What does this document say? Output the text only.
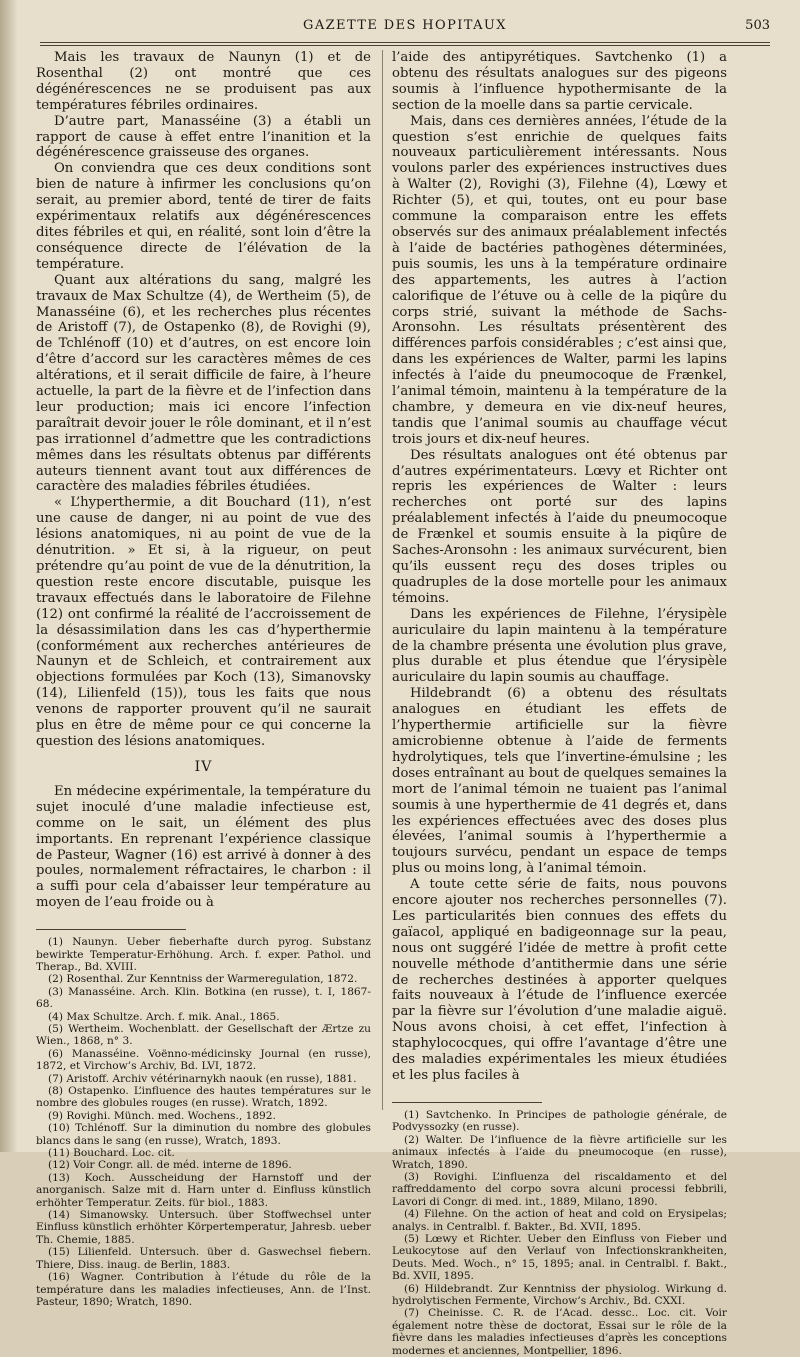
GAZETTE DES HOPITAUX	503

Mais les travaux de Naunyn (1) et de Rosenthal (2) ont montré que ces dégénérescences ne se produisent pas aux températures fébriles ordinaires.

D’autre part, Manasséine (3) a établi un rapport de cause à effet entre l’inanition et la dégénérescence graisseuse des organes.

On conviendra que ces deux conditions sont bien de nature à infirmer les conclusions qu’on serait, au premier abord, tenté de tirer de faits expérimentaux relatifs aux dégénérescences dites fébriles et qui, en réalité, sont loin d’être la conséquence directe de l’élévation de la température.

Quant aux altérations du sang, malgré les travaux de Max Schultze (4), de Wertheim (5), de Manasséine (6), et les recherches plus récentes de Aristoff (7), de Ostapenko (8), de Rovighi (9), de Tchlénoff (10) et d’autres, on est encore loin d’être d’accord sur les caractères mêmes de ces altérations, et il serait difficile de faire, à l’heure actuelle, la part de la fièvre et de l’infection dans leur production; mais ici encore l’infection paraîtrait devoir jouer le rôle dominant, et il n’est pas irrationnel d’admettre que les contradictions mêmes dans les résultats obtenus par différents auteurs tiennent avant tout aux différences de caractère des maladies fébriles étudiées.

« L’hyperthermie, a dit Bouchard (11), n’est une cause de danger, ni au point de vue des lésions anatomiques, ni au point de vue de la dénutrition. » Et si, à la rigueur, on peut prétendre qu’au point de vue de la dénutrition, la question reste encore discutable, puisque les travaux effectués dans le laboratoire de Filehne (12) ont confirmé la réalité de l’accroissement de la désassimilation dans les cas d’hyperthermie (conformément aux recherches antérieures de Naunyn et de Schleich, et contrairement aux objections formulées par Koch (13), Simanovsky (14), Lilienfeld (15)), tous les faits que nous venons de rapporter prouvent qu’il ne saurait plus en être de même pour ce qui concerne la question des lésions anatomiques.

IV

En médecine expérimentale, la température du sujet inoculé d’une maladie infectieuse est, comme on le sait, un élément des plus importants. En reprenant l’expérience classique de Pasteur, Wagner (16) est arrivé à donner à des poules, normalement réfractaires, le charbon : il a suffi pour cela d’abaisser leur température au moyen de l’eau froide ou à

(1) Naunyn. Ueber fieberhafte durch pyrog. Substanz bewirkte Temperatur-Erhöhung. Arch. f. exper. Pathol. und Therap., Bd. XVIII.

(2) Rosenthal. Zur Kenntniss der Warmeregulation, 1872.

(3) Manasséine. Arch. Klin. Botkina (en russe), t. I, 1867-68.

(4) Max Schultze. Arch. f. mik. Anal., 1865.

(5) Wertheim. Wochenblatt. der Gesellschaft der Ærtze zu Wien., 1868, n° 3.

(6) Manasséine. Voënno-médicinsky Journal (en russe), 1872, et Virchow’s Archiv, Bd. LVI, 1872.

(7) Aristoff. Archiv vétérinarnykh naouk (en russe), 1881.

(8) Ostapenko. L’influence des hautes températures sur le nombre des globules rouges (en russe). Wratch, 1892.

(9) Rovighi. Münch. med. Wochens., 1892.

(10) Tchlénoff. Sur la diminution du nombre des globules blancs dans le sang (en russe), Wratch, 1893.

(11) Bouchard. Loc. cit.

(12) Voir Congr. all. de méd. interne de 1896.

(13) Koch. Ausscheidung der Harnstoff und der anorganisch. Salze mit d. Harn unter d. Einfluss künstlich erhöhter Temperatur. Zeits. für biol., 1883.

(14) Simanowsky. Untersuch. über Stoffwechsel unter Einfluss künstlich erhöhter Körpertemperatur, Jahresb. ueber Th. Chemie, 1885.

(15) Lilienfeld. Untersuch. über d. Gaswechsel fiebern. Thiere, Diss. inaug. de Berlin, 1883.

(16) Wagner. Contribution à l’étude du rôle de la température dans les maladies infectieuses, Ann. de l’Inst. Pasteur, 1890; Wratch, 1890.

l’aide des antipyrétiques. Savtchenko (1) a obtenu des résultats analogues sur des pigeons soumis à l’influence hypothermisante de la section de la moelle dans sa partie cervicale.

Mais, dans ces dernières années, l’étude de la question s’est enrichie de quelques faits nouveaux particulièrement intéressants. Nous voulons parler des expériences instructives dues à Walter (2), Rovighi (3), Filehne (4), Lœwy et Richter (5), et qui, toutes, ont eu pour base commune la comparaison entre les effets observés sur des animaux préalablement infectés à l’aide de bactéries pathogènes déterminées, puis soumis, les uns à la température ordinaire des appartements, les autres à l’action calorifique de l’étuve ou à celle de la piqûre du corps strié, suivant la méthode de Sachs-Aronsohn. Les résultats présentèrent des différences parfois considérables ; c’est ainsi que, dans les expériences de Walter, parmi les lapins infectés à l’aide du pneumocoque de Frænkel, l’animal témoin, maintenu à la température de la chambre, y demeura en vie dix-neuf heures, tandis que l’animal soumis au chauffage vécut trois jours et dix-neuf heures.

Des résultats analogues ont été obtenus par d’autres expérimentateurs. Lœvy et Richter ont repris les expériences de Walter : leurs recherches ont porté sur des lapins préalablement infectés à l’aide du pneumocoque de Frænkel et soumis ensuite à la piqûre de Saches-Aronsohn : les animaux survécurent, bien qu’ils eussent reçu des doses triples ou quadruples de la dose mortelle pour les animaux témoins.

Dans les expériences de Filehne, l’érysipèle auriculaire du lapin maintenu à la température de la chambre présenta une évolution plus grave, plus durable et plus étendue que l’érysipèle auriculaire du lapin soumis au chauffage.

Hildebrandt (6) a obtenu des résultats analogues en étudiant les effets de l’hyperthermie artificielle sur la fièvre amicrobienne obtenue à l’aide de ferments hydrolytiques, tels que l’invertine-émulsine ; les doses entraînant au bout de quelques semaines la mort de l’animal témoin ne tuaient pas l’animal soumis à une hyperthermie de 41 degrés et, dans les expériences effectuées avec des doses plus élevées, l’animal soumis à l’hyperthermie a toujours survécu, pendant un espace de temps plus ou moins long, à l’animal témoin.

A toute cette série de faits, nous pouvons encore ajouter nos recherches personnelles (7). Les particularités bien connues des effets du gaïacol, appliqué en badigeonnage sur la peau, nous ont suggéré l’idée de mettre à profit cette nouvelle méthode d’antithermie dans une série de recherches destinées à apporter quelques faits nouveaux à l’étude de l’influence exercée par la fièvre sur l’évolution d’une maladie aiguë. Nous avons choisi, à cet effet, l’infection à staphylococques, qui offre l’avantage d’être une des maladies expérimentales les mieux étudiées et les plus faciles à

(1) Savtchenko. In Principes de pathologie générale, de Podvyssozky (en russe).

(2) Walter. De l’influence de la fièvre artificielle sur les animaux infectés à l’aide du pneumocoque (en russe), Wratch, 1890.

(3) Rovighi. L’influenza del riscaldamento et del raffreddamento del corpo sovra alcuni processi febbrili, Lavori di Congr. di med. int., 1889, Milano, 1890.

(4) Filehne. On the action of heat and cold on Erysipelas; analys. in Centralbl. f. Bakter., Bd. XVII, 1895.

(5) Lœwy et Richter. Ueber den Einfluss von Fieber und Leukocytose auf den Verlauf von Infectionskrankheiten, Deuts. Med. Woch., n° 15, 1895; anal. in Centralbl. f. Bakt., Bd. XVII, 1895.

(6) Hildebrandt. Zur Kenntniss der physiolog. Wirkung d. hydrolytischen Fermente, Virchow’s Archiv., Bd. CXXI.

(7) Cheinisse. C. R. de l’Acad. dessc.. Loc. cit. Voir également notre thèse de doctorat, Essai sur le rôle de la fièvre dans les maladies infectieuses d’après les conceptions modernes et anciennes, Montpellier, 1896.
